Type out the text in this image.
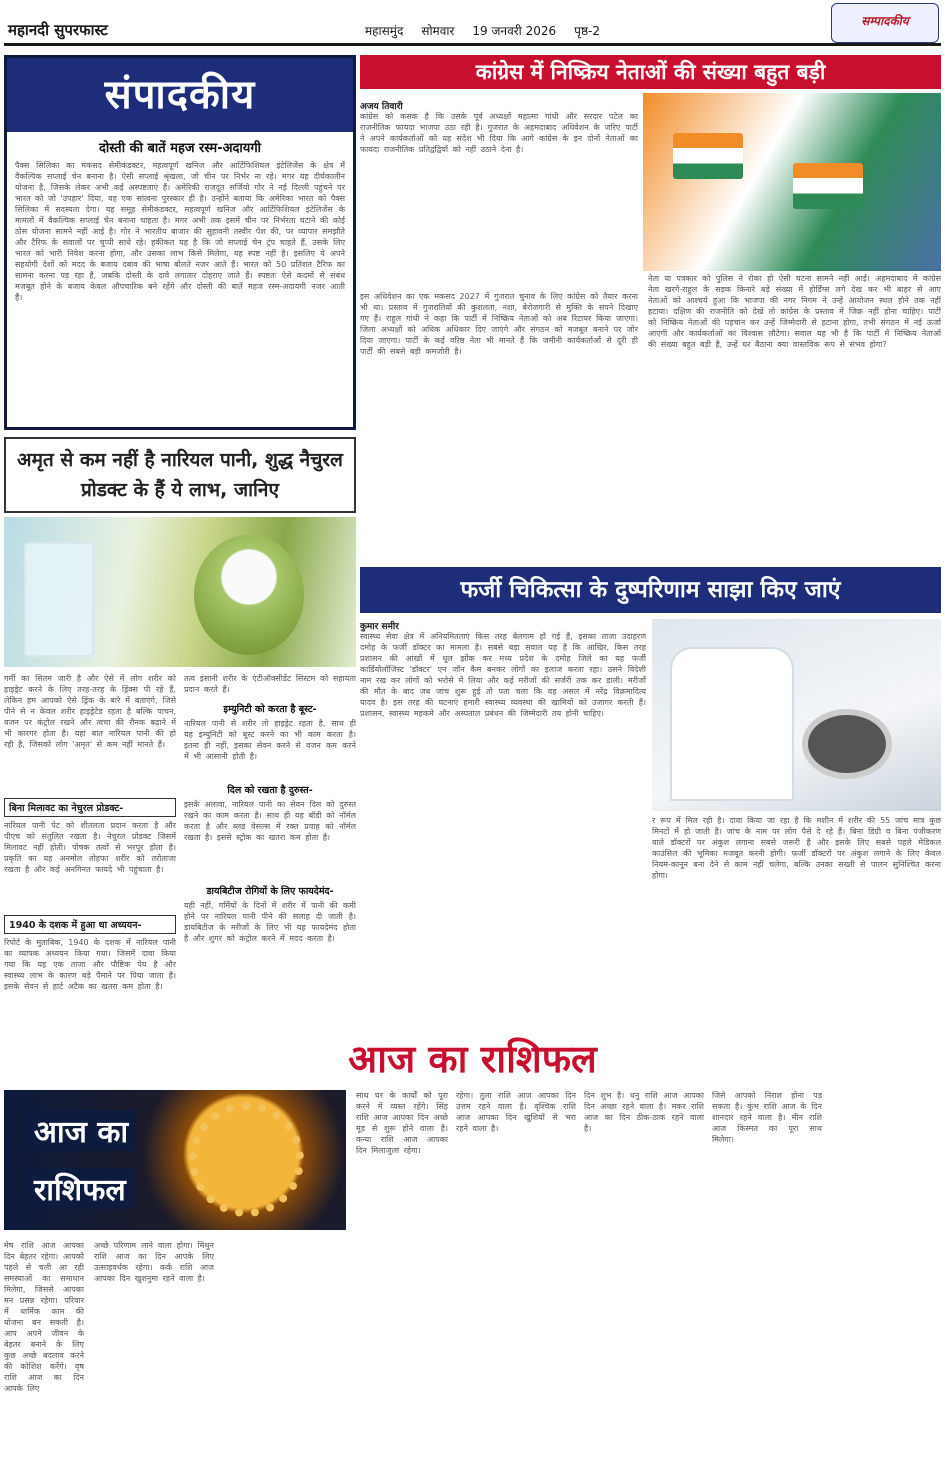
महानदी सुपरफास्ट	महासमुंद सोमवार 19 जनवरी 2026 पृष्ठ-2
सम्पादकीय
संपादकीय
दोस्ती की बातें महज रस्म-अदायगी
पैक्स सिलिका का मकसद सेमीकंडक्टर, महत्वपूर्ण खनिज और आर्टिफिशियल इंटेलिजेंस के क्षेत्र में वैकल्पिक सप्लाई चेन बनाना है। ऐसी सप्लाई श्रृंखला, जो चीन पर निर्भर ना रहे। मगर यह दीर्घकालीन योजना है, जिसके लेकर अभी कई अस्पष्टताएं हैं। अमेरिकी राजदूत सर्जियो गोर ने नई दिल्ली पहुंचने पर भारत को जो 'उपहार' दिया, वह एक सांत्वना पुरस्कार ही है। उन्होंने बताया कि अमेरिका भारत को पैक्स सिलिका में सदस्यता देगा। यह समूह सेमीकंडक्टर, महत्वपूर्ण खनिज और आर्टिफिशियल इंटेलिजेंस के मामलों में वैकल्पिक सप्लाई चेन बनाना चाहता है। मगर अभी तक इसमें चीन पर निर्भरता घटाने की कोई ठोस योजना सामने नहीं आई है। गोर ने भारतीय बाजार की सुहावनी तस्वीर पेश की, पर व्यापार समझौते और टैरिफ के सवालों पर चुप्पी साधे रहे। हकीकत यह है कि जो सप्लाई चेन ट्रंप चाहते हैं, उसके लिए भारत को भारी निवेश करना होगा, और उसका लाभ किसे मिलेगा, यह स्पष्ट नहीं है। इसलिए ये अपने सहयोगी देशों को मदद के बजाय दबाव की भाषा बोलते नजर आते हैं। भारत को 50 प्रतिशत टैरिफ का सामना करना पड़ रहा है, जबकि दोस्ती के दावे लगातार दोहराए जाते हैं। स्पष्टतः ऐसे कदमों से संबंध मजबूत होने के बजाय केवल औपचारिक बने रहेंगे और दोस्ती की बातें महज रस्म-अदायगी नजर आती हैं।
अमृत से कम नहीं है नारियल पानी, शुद्ध नैचुरल प्रोडक्ट के हैं ये लाभ, जानिए
गर्मी का सितम जारी है और ऐसे में लोग शरीर को हाइड्रेट करने के लिए तरह-तरह के ड्रिंक्स पी रहे हैं, लेकिन हम आपको ऐसे ड्रिंक के बारे में बताएंगे, जिसे पीने से न केवल शरीर हाइड्रेटेड रहता है बल्कि पाचन, वजन पर कंट्रोल रखने और त्वचा की रौनक बढ़ाने में भी कारगर होता है। यहां बात नारियल पानी की हो रही है, जिसको लोग 'अमृत' से कम नहीं मानते हैं।
बिना मिलावट का नेचुरल प्रोडक्ट-
नारियल पानी पेट को शीतलता प्रदान करता है और पीएच को संतुलित रखता है। नेचुरल प्रोडक्ट जिसमें मिलावट नहीं होती। पोषक तत्वों से भरपूर होता है। प्रकृति का यह अनमोल तोहफा शरीर को तरोताजा रखता है और कई अनगिनत फायदे भी पहुंचाता है।
1940 के दशक में हुआ था अध्ययन-
रिपोर्ट के मुताबिक, 1940 के दशक में नारियल पानी का व्यापक अध्ययन किया गया। जिसमें दावा किया गया कि यह एक ताजा और पौष्टिक पेय है और स्वास्थ्य लाभ के कारण बड़े पैमाने पर पिया जाता है। इसके सेवन से हार्ट अटैक का खतरा कम होता है।
तत्व इंसानी शरीर के एंटीऑक्सीडेंट सिस्टम को सहायता प्रदान करते हैं।
इम्युनिटी को करता है बूस्ट-
नारियल पानी से शरीर तो हाइड्रेट रहता है, साथ ही यह इम्युनिटी को बूस्ट करने का भी काम करता है। इतना ही नहीं, इसका सेवन करने से वजन कम करने में भी आसानी होती है।
दिल को रखता है दुरुस्त-
इसके अलावा, नारियल पानी का सेवन दिल को दुरुस्त रखने का काम करता है। साथ ही यह बॉडी को नॉर्मल करता है और ब्लड वेसल्स में रक्त प्रवाह को नॉर्मल रखता है। इससे स्ट्रोक का खतरा कम होता है।
डायबिटीज रोगियों के लिए फायदेमंद-
यही नहीं, गर्मियों के दिनों में शरीर में पानी की कमी होने पर नारियल पानी पीने की सलाह दी जाती है। डायबिटीज के मरीजों के लिए भी यह फायदेमंद होता है और शुगर को कंट्रोल करने में मदद करता है।
कांग्रेस में निष्क्रिय नेताओं की संख्या बहुत बड़ी
अजय तिवारी
कांग्रेस को कसक है कि उसके पूर्व अध्यक्षों महात्मा गांधी और सरदार पटेल का राजनीतिक फायदा भाजपा उठा रही है। गुजरात के अहमदाबाद अधिवेशन के जरिए पार्टी ने अपने कार्यकर्ताओं को यह संदेश भी दिया कि आगे कांग्रेस के इन दोनों नेताओं का फायदा राजनीतिक प्रतिद्वंद्वियों को नहीं उठाने देना है।
इस अधिवेशन का एक मकसद 2027 में गुजरात चुनाव के लिए कांग्रेस को तैयार करना भी था। प्रस्ताव में गुजरातियों की कुशलता, नशा, बेरोजगारी से मुक्ति के सपने दिखाए गए हैं। राहुल गांधी ने कहा कि पार्टी में निष्क्रिय नेताओं को अब रिटायर किया जाएगा। जिला अध्यक्षों को अधिक अधिकार दिए जाएंगे और संगठन को मजबूत बनाने पर जोर दिया जाएगा। पार्टी के कई वरिष्ठ नेता भी मानते हैं कि जमीनी कार्यकर्ताओं से दूरी ही पार्टी की सबसे बड़ी कमजोरी है।
नेता या पत्रकार को पुलिस ने रोका हो ऐसी घटना सामने नहीं आई। अहमदाबाद में कांग्रेस नेता खरगे-राहुल के सड़क किनारे बड़े संख्या में होर्डिंग्स लगे देख कर भी बाहर से आए नेताओं को आश्चर्य हुआ कि भाजपा की नगर निगम ने उन्हें आयोजन स्थल होने तक नहीं हटाया। दक्षिण की राजनीति को देखें तो कांग्रेस के प्रस्ताव में जिक्र नहीं होना चाहिए। पार्टी को निष्क्रिय नेताओं की पहचान कर उन्हें जिम्मेदारी से हटाना होगा, तभी संगठन में नई ऊर्जा आएगी और कार्यकर्ताओं का विश्वास लौटेगा। सवाल यह भी है कि पार्टी में निष्क्रिय नेताओं की संख्या बहुत बड़ी है, उन्हें घर बैठाना क्या वास्तविक रूप से संभव होगा?
फर्जी चिकित्सा के दुष्परिणाम साझा किए जाएं
कुमार समीर
स्वास्थ्य सेवा क्षेत्र में अनियमितताएं किस तरह बेलगाम हो गई हैं, इसका ताजा उदाहरण दमोह के फर्जी डॉक्टर का मामला है। सबसे बड़ा सवाल यह है कि आखिर, किस तरह प्रशासन की आंखों में धूल झोंक कर मध्य प्रदेश के दमोह जिले का यह फर्जी कार्डियोलॉजिस्ट 'डॉक्टर' एन जॉन कैम बनकर लोगों का इलाज करता रहा। उसने विदेशी नाम रख कर लोगों को भरोसे में लिया और कई मरीजों की सर्जरी तक कर डाली। मरीजों की मौत के बाद जब जांच शुरू हुई तो पता चला कि वह असल में नरेंद्र विक्रमादित्य यादव है। इस तरह की घटनाएं हमारी स्वास्थ्य व्यवस्था की खामियों को उजागर करती हैं। प्रशासन, स्वास्थ्य महकमे और अस्पताल प्रबंधन की जिम्मेदारी तय होनी चाहिए।
र रूप में मिल रही है। दावा किया जा रहा है कि मशीन में शरीर की 55 जांच मात्र कुछ मिनटों में हो जाती है। जांच के नाम पर लोग पैसे दे रहे हैं। बिना डिग्री व बिना पंजीकरण वाले डॉक्टरों पर अंकुश लगाना सबसे जरूरी है और इसके लिए सबसे पहले मेडिकल काउंसिल की भूमिका मजबूत करनी होगी। फर्जी डॉक्टरों पर अंकुश लगाने के लिए केवल नियम-कानून बना देने से काम नहीं चलेगा, बल्कि उनका सख्ती से पालन सुनिश्चित करना होगा।
आज का राशिफल
साथ घर के कार्यों को पूरा करने में व्यस्त रहेंगे। सिंह राशि आज आपका दिन अच्छे मूड से शुरू होने वाला है। कन्या राशि आज आपका दिन मिलाजुला रहेगा।
रहेगा। तुला राशि आज आपका दिन उत्तम रहने वाला है। वृश्चिक राशि आज आपका दिन खुशियों से भरा रहने वाला है।
दिन शुभ है। धनु राशि आज आपका दिन अच्छा रहने वाला है। मकर राशि आज का दिन ठीक-ठाक रहने वाला है।
जिसे आपको निराश होना पड़ सकता है। कुंभ राशि आज के दिन शानदार रहने वाला है। मीन राशि आज किस्मत का पूरा साथ मिलेगा।
मेष राशि आज आपका दिन बेहतर रहेगा। आपको पहले से चली आ रही समस्याओं का समाधान मिलेगा, जिससे आपका मन प्रसन्न रहेगा। परिवार में धार्मिक काम की योजना बन सकती है। आप अपने जीवन के बेहतर बनाने के लिए कुछ अच्छे बदलाव करने की कोशिश करेंगे। वृष राशि आज का दिन आपके लिए
अच्छे परिणाम लाने वाला होगा। मिथुन राशि आज का दिन आपके लिए उत्साहवर्धक रहेगा। कर्क राशि आज आपका दिन खुशनुमा रहने वाला है।
आज का
राशिफल
